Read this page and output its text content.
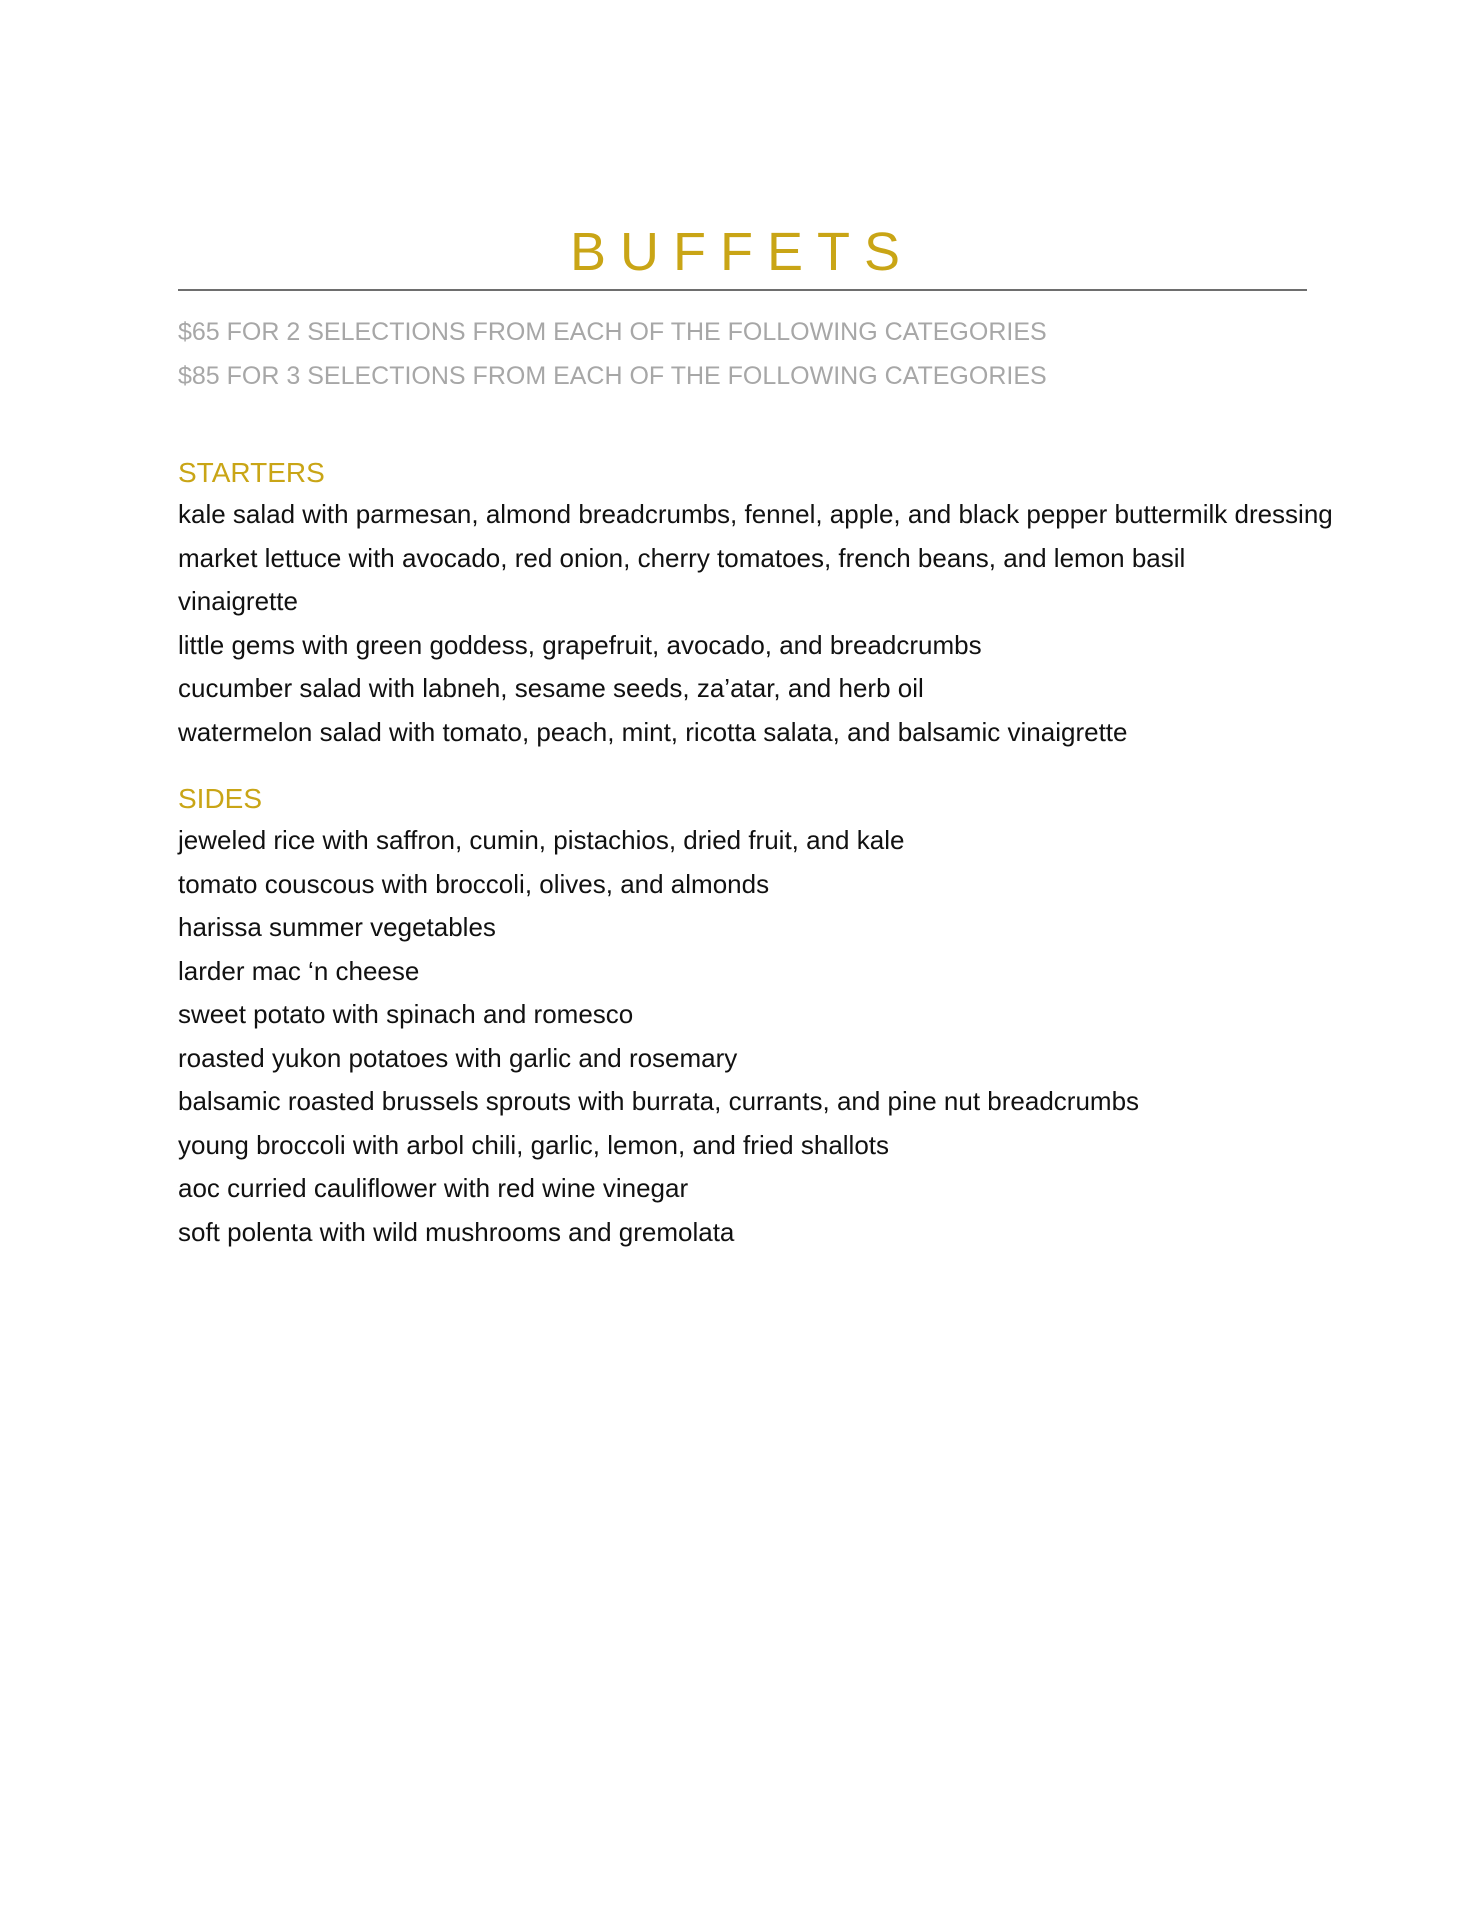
BUFFETS
$65 FOR 2 SELECTIONS FROM EACH OF THE FOLLOWING CATEGORIES
$85 FOR 3 SELECTIONS FROM EACH OF THE FOLLOWING CATEGORIES
STARTERS
kale salad with parmesan, almond breadcrumbs, fennel, apple, and black pepper buttermilk dressing
market lettuce with avocado, red onion, cherry tomatoes, french beans, and lemon basil
vinaigrette
little gems with green goddess, grapefruit, avocado, and breadcrumbs
cucumber salad with labneh, sesame seeds, za’atar, and herb oil
watermelon salad with tomato, peach, mint, ricotta salata, and balsamic vinaigrette
SIDES
jeweled rice with saffron, cumin, pistachios, dried fruit, and kale
tomato couscous with broccoli, olives, and almonds
harissa summer vegetables
larder mac ‘n cheese
sweet potato with spinach and romesco
roasted yukon potatoes with garlic and rosemary
balsamic roasted brussels sprouts with burrata, currants, and pine nut breadcrumbs
young broccoli with arbol chili, garlic, lemon, and fried shallots
aoc curried cauliflower with red wine vinegar
soft polenta with wild mushrooms and gremolata
